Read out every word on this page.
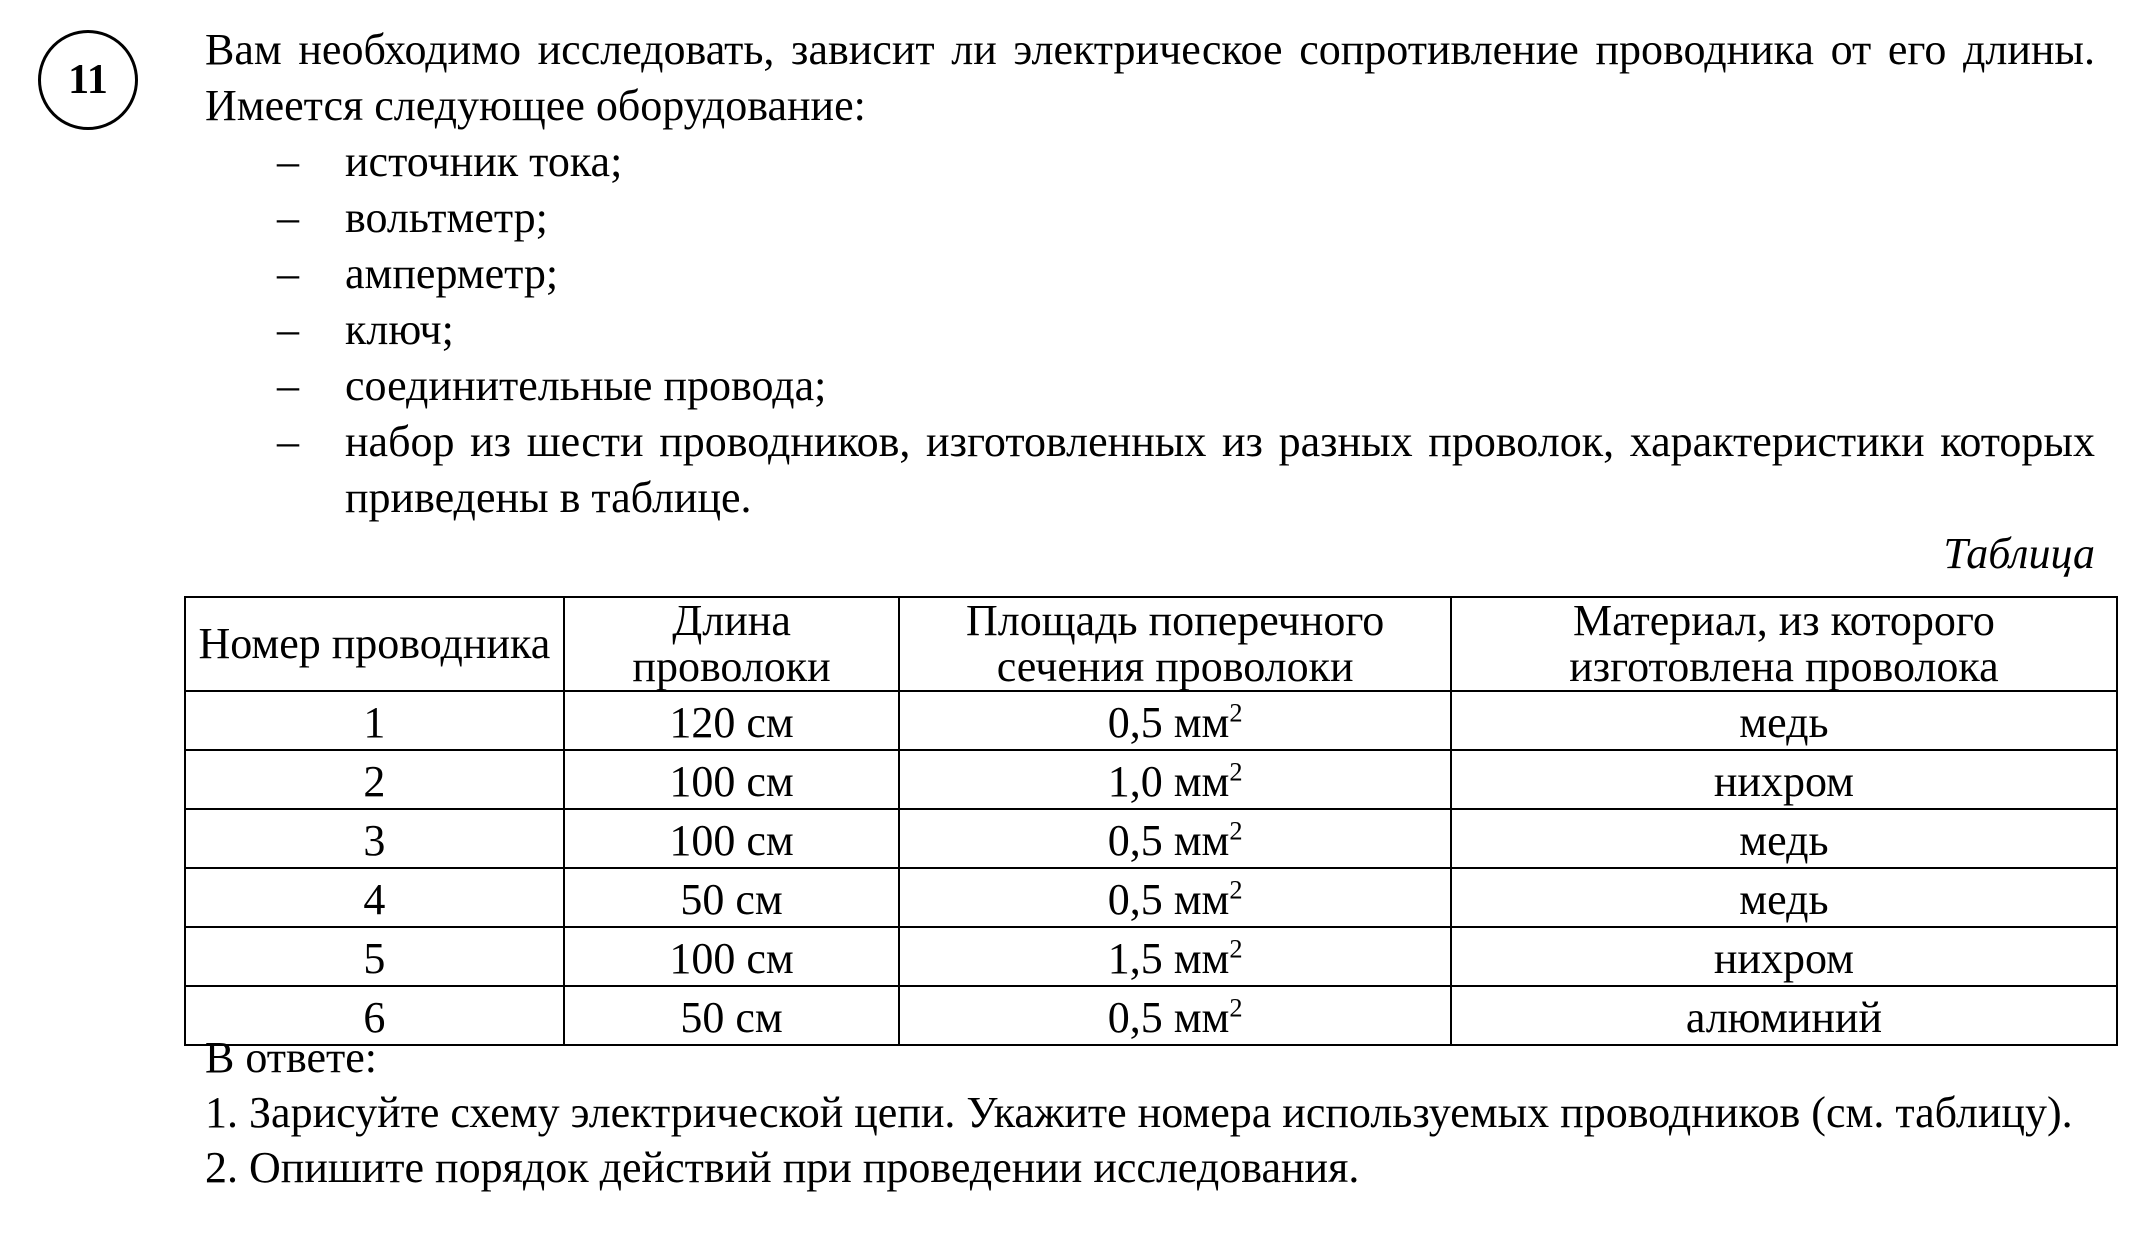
11

Вам необходимо исследовать, зависит ли электрическое сопротивление проводника от его длины. Имеется следующее оборудование:

– источник тока;
– вольтметр;
– амперметр;
– ключ;
– соединительные провода;
– набор из шести проводников, изготовленных из разных проволок, характеристики которых приведены в таблице.

Таблица

Номер проводника	Длина проволоки	Площадь поперечного сечения проволоки	Материал, из которого изготовлена проволока
1	120 см	0,5 $мм^2$	медь
2	100 см	1,0 $мм^2$	нихром
3	100 см	0,5 $мм^2$	медь
4	50 см	0,5 $мм^2$	медь
5	100 см	1,5 $мм^2$	нихром
6	50 см	0,5 $мм^2$	алюминий

В ответе:

1. Зарисуйте схему электрической цепи. Укажите номера используемых проводников (см. таблицу).

2. Опишите порядок действий при проведении исследования.
